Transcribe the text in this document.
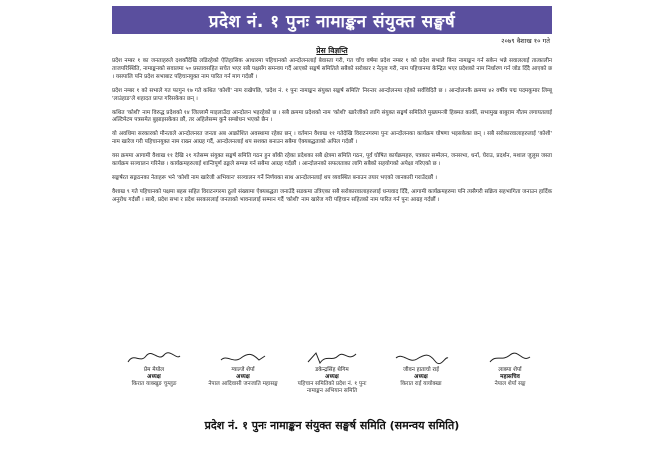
प्रदेश नं. १ पुनः नामाङ्कन संयुक्त सङ्घर्ष
२०७९ वैशाख १० गते
प्रेस विज्ञप्ति

प्रदेश नम्बर १ का जनताहरुले दशकौंदेखि लडिरहेको ऐतिहासिक आधारमा पहिचानको आन्दोलनलाई बेवास्ता गरी, गत चाँच वर्षमा प्रदेश नम्बर १ को प्रदेश सभाले बिना नामाङ्कन गर्न सकेन भन्ने सवाललाई तात्कालीन ताजपरिस्थिति, नामाङ्कनको सवालमा ५० प्रस्तावसहित सचेत भएर सबै पक्षसँग समन्वय गर्दै आएको सङ्घर्ष समितिले सबैको सरोकार र नेतृत्व गरी, नाम पहिचानमा केन्द्रित भएर प्रदेशको नाम निर्धारण गर्न जोड दिँदै आएको छ । यसपालि पनि प्रदेश सभाबाट पहिचानयुक्त नाम पारित गर्न माग गर्दछौं ।

प्रदेश नम्बर १ को सभाले गत फागुन १७ गते कथित 'कोशी' नाम राखेपछि, 'प्रदेश नं. १ पुनः नामाङ्कन संयुक्त सङ्घर्ष समिति' निरन्तर आन्दोलनमा रहेको सर्वविदितै छ । आन्दोलनकै क्रममा ४२ वर्षीय पद्म पदमकुमार लिम्बू 'लाउंहाङ'ले शहादत प्राप्त गरिसकेका छन् ।

कथित 'कोशी' नाम विरुद्ध प्रदेशको १४ जिल्लामै माइलाउँदा आन्दोलन भइरहेको छ । सबै क्रममा प्रदेशको नाम 'कोशी' खारेजीको लागि संयुक्त सङ्घर्ष समितिले मुख्यमन्त्री हिक्मत कार्की, सभामुख बाबुराम गौतम लगायतलाई अल्टिमेटम पत्रसमेत बुझाइसकेका छौं, तर अहिलेसम्म कुनै सम्बोधन भएको छैन ।

यो अवधिमा सरकारको मौनताले आन्दोलनरत जनता अब आक्रोशित अवस्थामा रहेका छन् । वर्तमान वैशाख ११ गतेदेखि विराटनगरमा पुनः आन्दोलनका कार्यक्रम घोषणा भइसकेका छन् । सबै सरोकारवालाहरुलाई 'कोशी' नाम खारेज गरी पहिचानयुक्त नाम राख्न आग्रह गर्दै, आन्दोलनलाई थप सशक्त बनाउन सबैमा ऐक्यबद्धताको अपिल गर्दछौं ।

यस क्रममा आगामी वैशाख ११ देखि २१ गतेसम्म संयुक्त सङ्घर्ष समिति गठन हुन बाँकी रहेका प्रदेशका सबै क्षेत्रमा समिति गठन, पूर्व घोषित कार्यक्रमहरु, पत्रकार सम्मेलन, जनसभा, धर्ना, घेराउ, प्रदर्शन, मशाल जुलुस जस्ता कार्यक्रम सञ्चालन गरिनेछ । कार्यक्रमहरुलाई शान्तिपूर्ण ढङ्गले सम्पन्न गर्न सबैमा आग्रह गर्दछौं । आन्दोलनको सफलताका लागि सबैको सहयोगको अपेक्षा गरिएको छ ।

सङ्घर्षरत सङ्गठनका नेताहरू भने 'कोशी नाम खारेजी अभियान' सञ्चालन गर्ने निर्णयका साथ आन्दोलनलाई थप व्यवस्थित बनाउन तयार भएको जानकारी गराउँदछौं ।

वैशाख ९ गते पहिचानको पक्षमा बहस सहित विराटनगरमा ठूलो संख्यामा ऐक्यबद्धता जनाउँदै सडकमा उत्रिएका सबै सरोकारवालाहरुलाई धन्यवाद दिँदै, आगामी कार्यक्रमहरुमा पनि त्यसैगरी सक्रिय सहभागिता जनाउन हार्दिक अनुरोध गर्दछौं । साथै, प्रदेश सभा र प्रदेश सरकारलाई जनताको भावनालाई सम्मान गर्दै 'कोशी' नाम खारेज गरी पहिचान सहितको नाम पारित गर्न पुनः आग्रह गर्दछौं ।

प्रेम मेयोल
अध्यक्ष
किरात याक्खुङ चुम्लुङ
ग्याल्जे शेर्पा
अध्यक्ष
नेपाल आदिवासी जनजाति महासङ्घ
डकेन्द्रसिंह थेगिम
अध्यक्ष
पहिचान समितिको प्रदेश नं. १ पुनः नामाङ्कन अभियान समिति
जीवन हाताचो राई
अध्यक्ष
किरात राई यायोक्खा
लाक्पा शेर्पा
महासचिव
नेपाल शेर्पा सङ्घ
प्रदेश नं. १ पुनः नामाङ्कन संयुक्त सङ्घर्ष समिति (समन्वय समिति)
